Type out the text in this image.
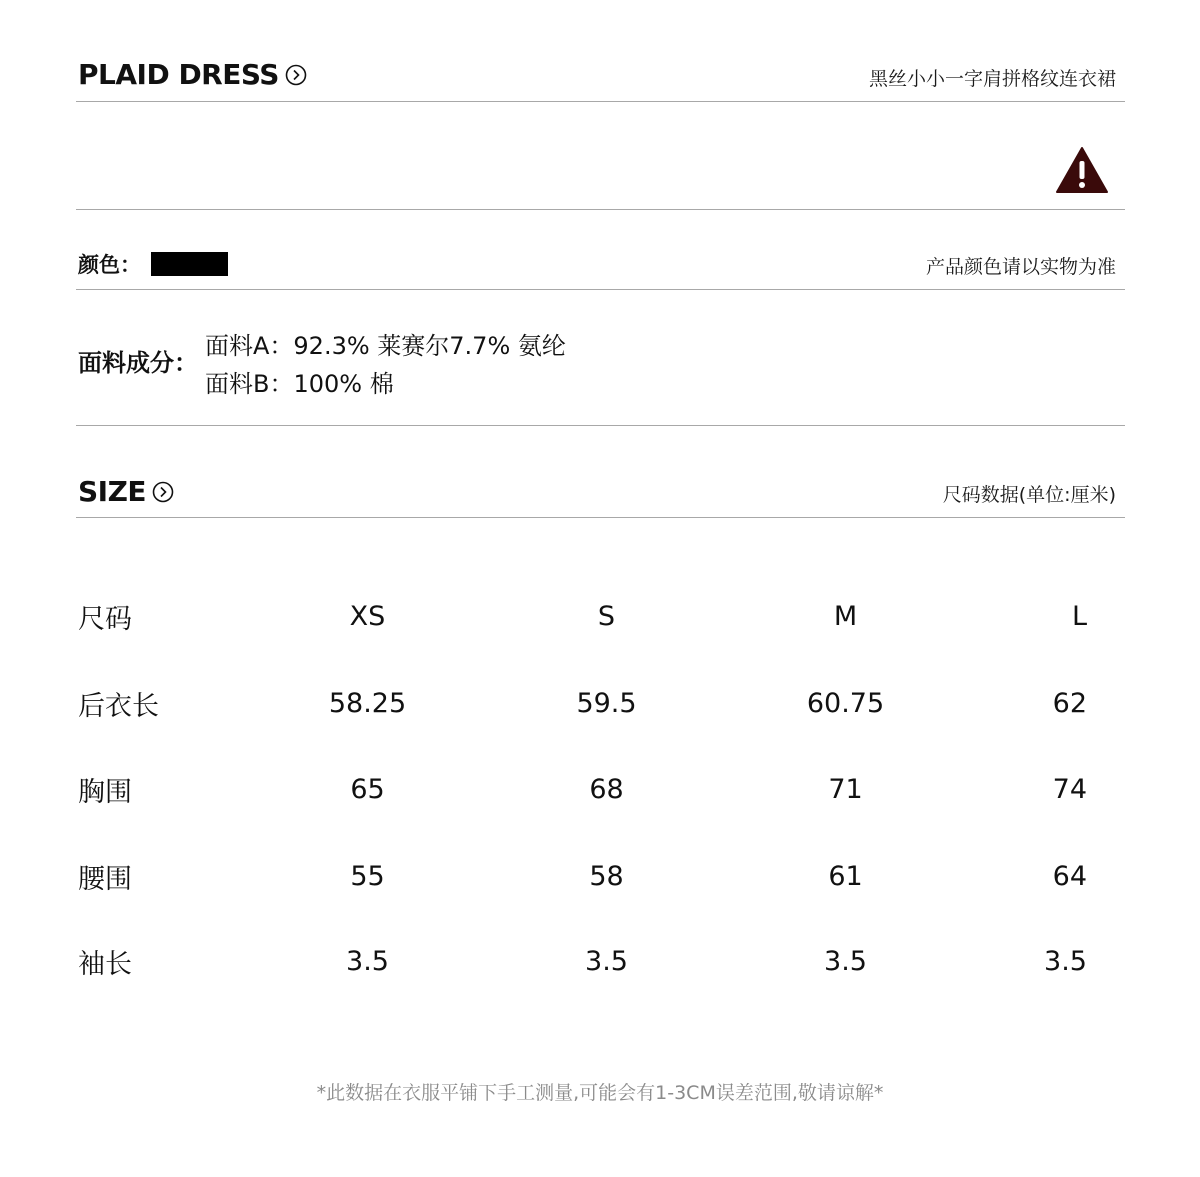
PLAID DRESS	黑丝小小一字肩拼格纹连衣裙
颜色：	产品颜色请以实物为准
面料成分：
面料A：92.3% 莱赛尔7.7% 氨纶
面料B：100% 棉
SIZE	尺码数据(单位:厘米)
尺码	XS	S	M	L
后衣长	58.25	59.5	60.75	62
胸围	65	68	71	74
腰围	55	58	61	64
袖长	3.5	3.5	3.5	3.5
*此数据在衣服平铺下手工测量,可能会有1-3CM误差范围,敬请谅解*
